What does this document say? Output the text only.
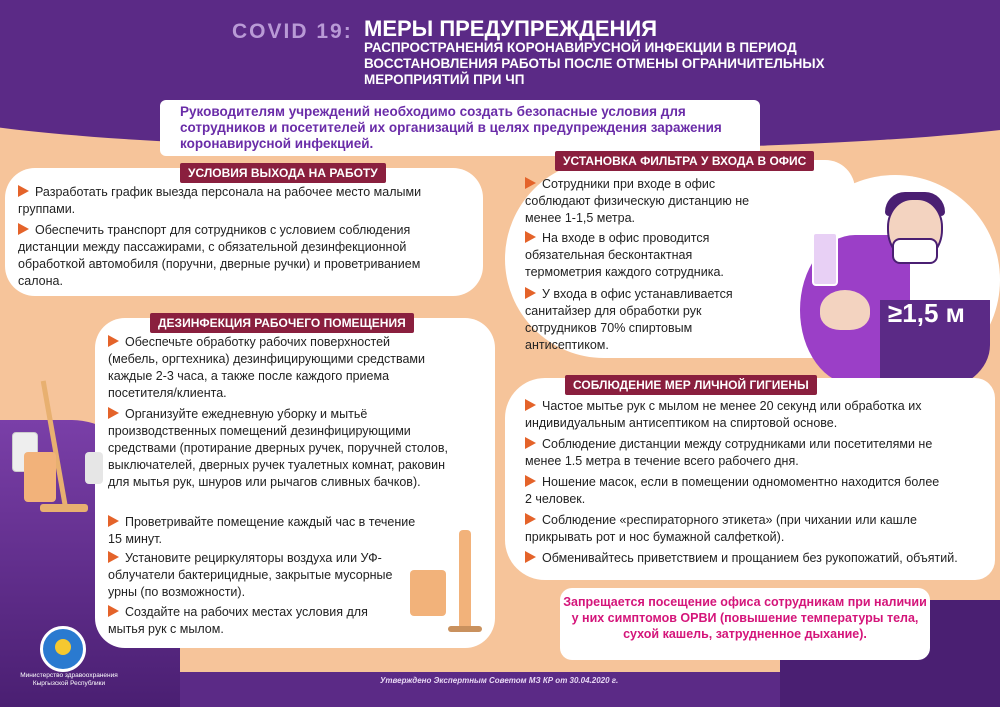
COVID 19: МЕРЫ ПРЕДУПРЕЖДЕНИЯ
РАСПРОСТРАНЕНИЯ КОРОНАВИРУСНОЙ ИНФЕКЦИИ В ПЕРИОД ВОССТАНОВЛЕНИЯ РАБОТЫ ПОСЛЕ ОТМЕНЫ ОГРАНИЧИТЕЛЬНЫХ МЕРОПРИЯТИЙ ПРИ ЧП
Руководителям учреждений необходимо создать безопасные условия для сотрудников и посетителей их организаций в целях предупреждения заражения коронавирусной инфекцией.
УСЛОВИЯ ВЫХОДА НА РАБОТУ
Разработать график выезда персонала на рабочее место малыми группами.
Обеспечить транспорт для сотрудников с условием соблюдения дистанции между пассажирами, с обязательной дезинфекционной обработкой автомобиля (поручни, дверные ручки) и проветриванием салона.
ДЕЗИНФЕКЦИЯ РАБОЧЕГО ПОМЕЩЕНИЯ
Обеспечьте обработку рабочих поверхностей (мебель, оргтехника) дезинфицирующими средствами каждые 2-3 часа, а также после каждого приема посетителя/клиента.
Организуйте ежедневную уборку и мытьё производственных помещений дезинфицирующими средствами (протирание дверных ручек, поручней столов, выключателей, дверных ручек туалетных комнат, раковин для мытья рук, шнуров или рычагов сливных бачков).
Проветривайте помещение каждый час в течение 15 минут.
Установите рециркуляторы воздуха или УФ-облучатели бактерицидные, закрытые мусорные урны (по возможности).
Создайте на рабочих местах условия для мытья рук с мылом.
УСТАНОВКА ФИЛЬТРА У ВХОДА В ОФИС
Сотрудники при входе в офис соблюдают физическую дистанцию не менее 1-1,5 метра.
На входе в офис проводится обязательная бесконтактная термометрия каждого сотрудника.
У входа в офис устанавливается санитайзер для обработки рук сотрудников 70% спиртовым антисептиком.
≥1,5 м
СОБЛЮДЕНИЕ МЕР ЛИЧНОЙ ГИГИЕНЫ
Частое мытье рук с мылом не менее 20 секунд или обработка их индивидуальным антисептиком на спиртовой основе.
Соблюдение дистанции между сотрудниками или посетителями не менее 1.5 метра в течение всего рабочего дня.
Ношение масок, если в помещении одномоментно находится более 2 человек.
Соблюдение «респираторного этикета» (при чихании или кашле прикрывать рот и нос бумажной салфеткой).
Обменивайтесь приветствием и прощанием без рукопожатий, объятий.
Запрещается посещение офиса сотрудникам при наличии у них симптомов ОРВИ (повышение температуры тела, сухой кашель, затрудненное дыхание).
Министерство здравоохранения Кыргызской Республики	Утверждено Экспертным Советом МЗ КР от 30.04.2020 г.
